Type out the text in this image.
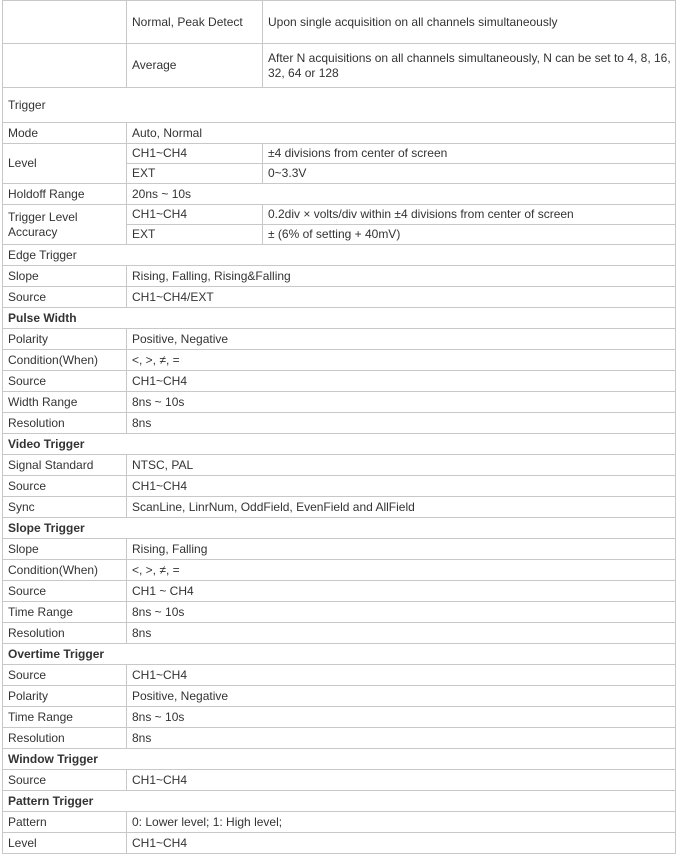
	Normal, Peak Detect	Upon single acquisition on all channels simultaneously
	Average	After N acquisitions on all channels simultaneously, N can be set to 4, 8, 16, 32, 64 or 128
Trigger		
Mode	Auto, Normal	
Level	CH1~CH4	±4 divisions from center of screen
	EXT	0~3.3V
Holdoff Range	20ns ~ 10s	
Trigger Level Accuracy	CH1~CH4	0.2div × volts/div within ±4 divisions from center of screen
	EXT	± (6% of setting + 40mV)
Edge Trigger		
Slope	Rising, Falling, Rising&Falling	
Source	CH1~CH4/EXT	
Pulse Width		
Polarity	Positive, Negative	
Condition(When)	<, >, ≠, =	
Source	CH1~CH4	
Width Range	8ns ~ 10s	
Resolution	8ns	
Video Trigger		
Signal Standard	NTSC, PAL	
Source	CH1~CH4	
Sync	ScanLine, LinrNum, OddField, EvenField and AllField	
Slope Trigger		
Slope	Rising, Falling	
Condition(When)	<, >, ≠, =	
Source	CH1 ~ CH4	
Time Range	8ns ~ 10s	
Resolution	8ns	
Overtime Trigger		
Source	CH1~CH4	
Polarity	Positive, Negative	
Time Range	8ns ~ 10s	
Resolution	8ns	
Window Trigger		
Source	CH1~CH4	
Pattern Trigger		
Pattern	0: Lower level; 1: High level;	
Level	CH1~CH4	
